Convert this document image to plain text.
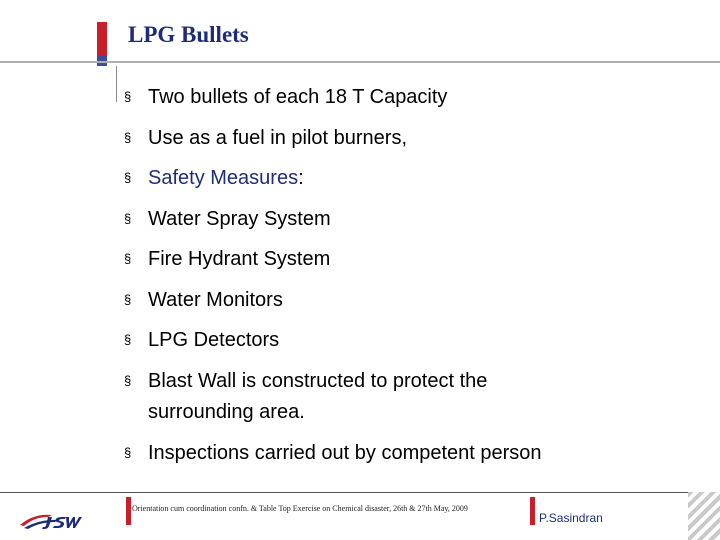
LPG Bullets
§ Two bullets of each 18 T Capacity
§ Use as a fuel in pilot burners,
§ Safety Measures:
§ Water Spray System
§ Fire Hydrant System
§ Water Monitors
§ LPG Detectors
§ Blast Wall is constructed to protect the
surrounding area.
§ Inspections carried out by competent person
Orientation cum coordination confn. & Table Top Exercise on Chemical disaster, 26th & 27th May, 2009
P.Sasindran
